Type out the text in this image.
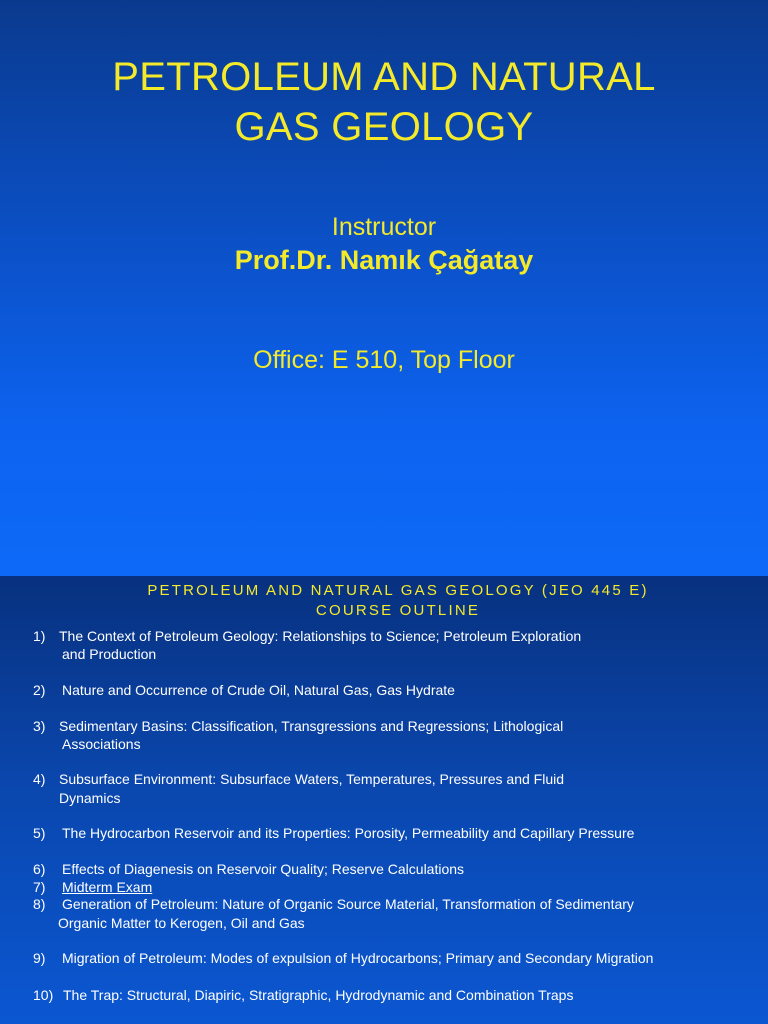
PETROLEUM AND NATURAL
GAS GEOLOGY
Instructor
Prof.Dr. Namık Çağatay
Office: E 510, Top Floor
PETROLEUM AND NATURAL GAS GEOLOGY (JEO 445 E)
COURSE OUTLINE
1) The Context of Petroleum Geology: Relationships to Science; Petroleum Exploration
and Production
2) Nature and Occurrence of Crude Oil, Natural Gas, Gas Hydrate
3) Sedimentary Basins: Classification, Transgressions and Regressions; Lithological
Associations
4) Subsurface Environment: Subsurface Waters, Temperatures, Pressures and Fluid
Dynamics
5) The Hydrocarbon Reservoir and its Properties: Porosity, Permeability and Capillary Pressure
6) Effects of Diagenesis on Reservoir Quality; Reserve Calculations
7) Midterm Exam
8) Generation of Petroleum: Nature of Organic Source Material, Transformation of Sedimentary
Organic Matter to Kerogen, Oil and Gas
9) Migration of Petroleum: Modes of expulsion of Hydrocarbons; Primary and Secondary Migration
10) The Trap: Structural, Diapiric, Stratigraphic, Hydrodynamic and Combination Traps
